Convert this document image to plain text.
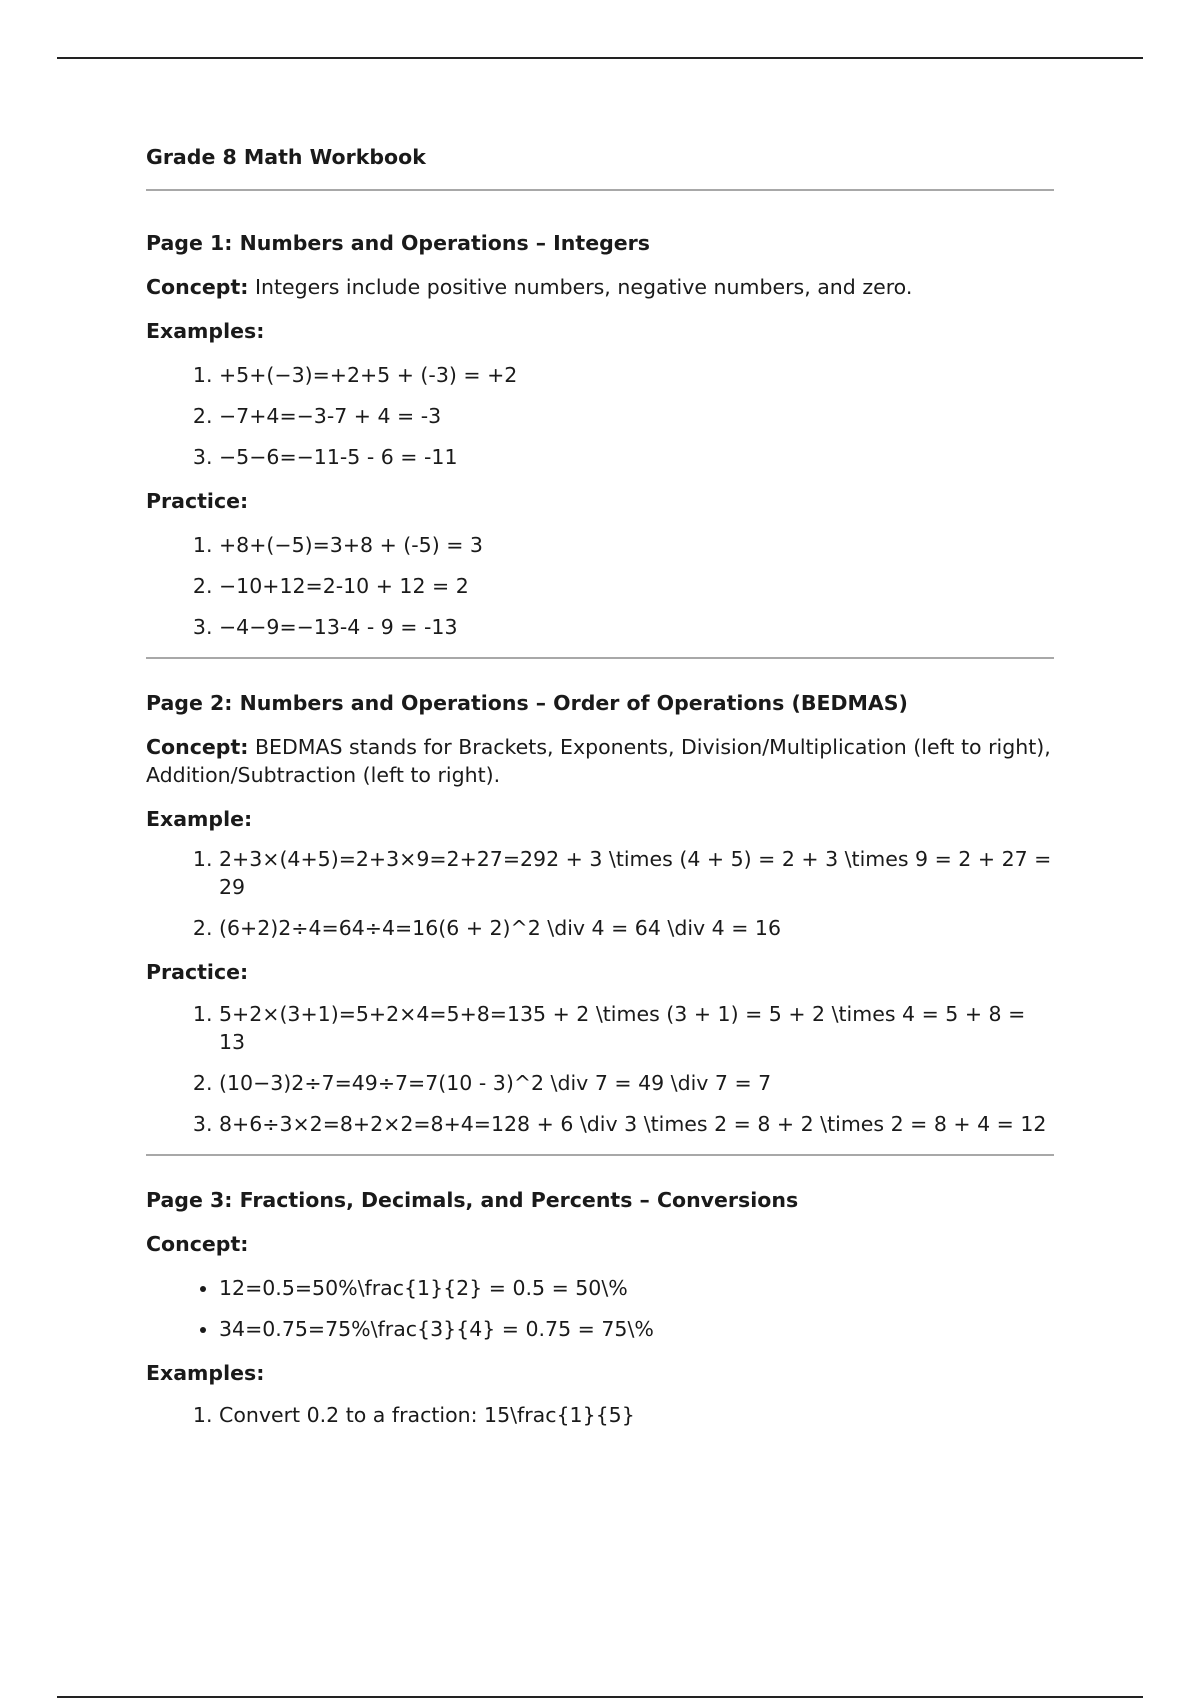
Grade 8 Math Workbook
Page 1: Numbers and Operations – Integers

Concept: Integers include positive numbers, negative numbers, and zero.

Examples:

1. +5+(−3)=+2+5 + (-3) = +2
2. −7+4=−3-7 + 4 = -3
3. −5−6=−11-5 - 6 = -11

Practice:

1. +8+(−5)=3+8 + (-5) = 3
2. −10+12=2-10 + 12 = 2
3. −4−9=−13-4 - 9 = -13
Page 2: Numbers and Operations – Order of Operations (BEDMAS)

Concept: BEDMAS stands for Brackets, Exponents, Division/Multiplication (left to right), Addition/Subtraction (left to right).

Example:

1. 2+3×(4+5)=2+3×9=2+27=292 + 3 \times (4 + 5) = 2 + 3 \times 9 = 2 + 27 = 29
2. (6+2)2÷4=64÷4=16(6 + 2)^2 \div 4 = 64 \div 4 = 16

Practice:

1. 5+2×(3+1)=5+2×4=5+8=135 + 2 \times (3 + 1) = 5 + 2 \times 4 = 5 + 8 = 13
2. (10−3)2÷7=49÷7=7(10 - 3)^2 \div 7 = 49 \div 7 = 7
3. 8+6÷3×2=8+2×2=8+4=128 + 6 \div 3 \times 2 = 8 + 2 \times 2 = 8 + 4 = 12
Page 3: Fractions, Decimals, and Percents – Conversions

Concept:

• 12=0.5=50%\frac{1}{2} = 0.5 = 50\%
• 34=0.75=75%\frac{3}{4} = 0.75 = 75\%

Examples:

1. Convert 0.2 to a fraction: 15\frac{1}{5}
